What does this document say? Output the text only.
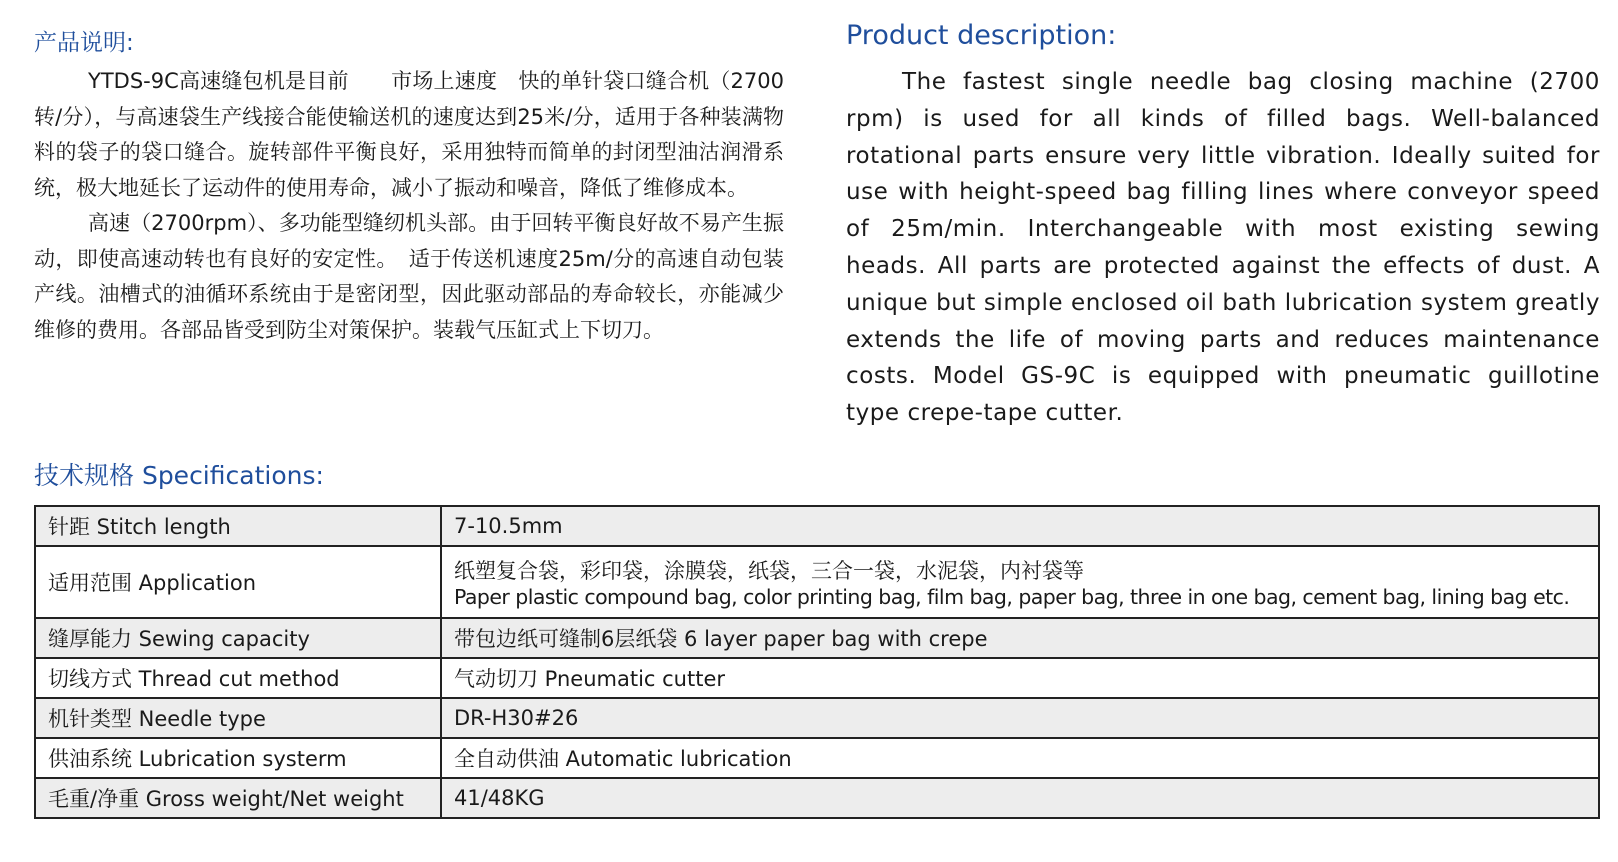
产品说明:

YTDS-9C高速缝包机是目前　　市场上速度　快的单针袋口缝合机（2700转/分），与高速袋生产线接合能使输送机的速度达到25米/分，适用于各种装满物料的袋子的袋口缝合。旋转部件平衡良好，采用独特而简单的封闭型油沽润滑系统，极大地延长了运动件的使用寿命，减小了振动和噪音，降低了维修成本。

高速（2700rpm）、多功能型缝纫机头部。由于回转平衡良好故不易产生振动，即使高速动转也有良好的安定性。　适于传送机速度25m/分的高速自动包装产线。油槽式的油循环系统由于是密闭型，因此驱动部品的寿命较长，亦能减少维修的费用。各部品皆受到防尘对策保护。装载气压缸式上下切刀。

Product description:

The fastest single needle bag closing machine (2700 rpm) is used for all kinds of filled bags. Well-balanced rotational parts ensure very little vibration. Ideally suited for use with height-speed bag filling lines where conveyor speed of 25m/min. Interchangeable with most existing sewing heads. All parts are protected against the effects of dust. A unique but simple enclosed oil bath lubrication system greatly extends the life of moving parts and reduces maintenance costs. Model GS-9C is equipped with pneumatic guillotine type crepe-tape cutter.

技术规格 Specifications:
针距 Stitch length	7-10.5mm
适用范围 Application	纸塑复合袋，彩印袋，涂膜袋，纸袋，三合一袋，水泥袋，内衬袋等
Paper plastic compound bag, color printing bag, film bag, paper bag, three in one bag, cement bag, lining bag etc.

缝厚能力 Sewing capacity	带包边纸可缝制6层纸袋 6 layer paper bag with crepe
切线方式 Thread cut method	气动切刀 Pneumatic cutter
机针类型 Needle type	DR-H30#26
供油系统 Lubrication systerm	全自动供油 Automatic lubrication
毛重/净重 Gross weight/Net weight	41/48KG
